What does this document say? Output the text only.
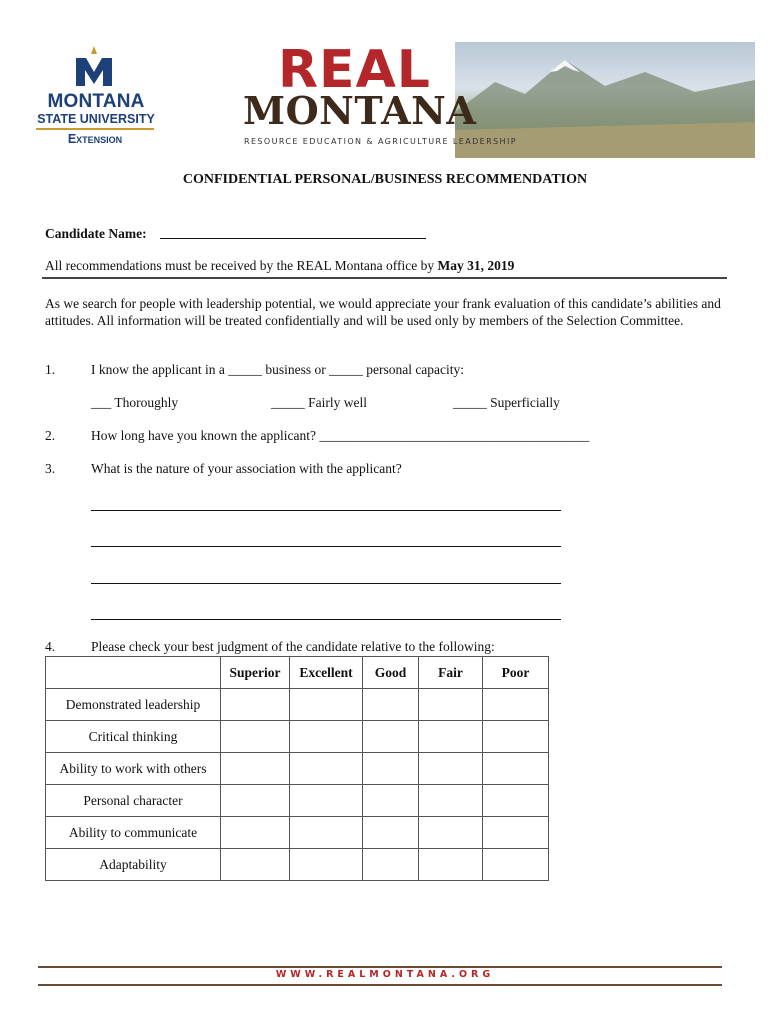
MONTANA
STATE UNIVERSITY
Extension
REAL
MONTANA
RESOURCE EDUCATION & AGRICULTURE LEADERSHIP
CONFIDENTIAL PERSONAL/BUSINESS RECOMMENDATION
Candidate Name:
All recommendations must be received by the REAL Montana office by May 31, 2019
As we search for people with leadership potential, we would appreciate your frank evaluation of this candidate’s abilities and attitudes. All information will be treated confidentially and will be used only by members of the Selection Committee.
1.	I know the applicant in a _____ business or _____ personal capacity:
___ Thoroughly	_____ Fairly well	_____ Superficially
2.	How long have you known the applicant? ________________________________________
3.	What is the nature of your association with the applicant?
4.	Please check your best judgment of the candidate relative to the following:
	Superior	Excellent	Good	Fair	Poor
Demonstrated leadership					
Critical thinking					
Ability to work with others					
Personal character					
Ability to communicate					
Adaptability					
WWW.REALMONTANA.ORG
